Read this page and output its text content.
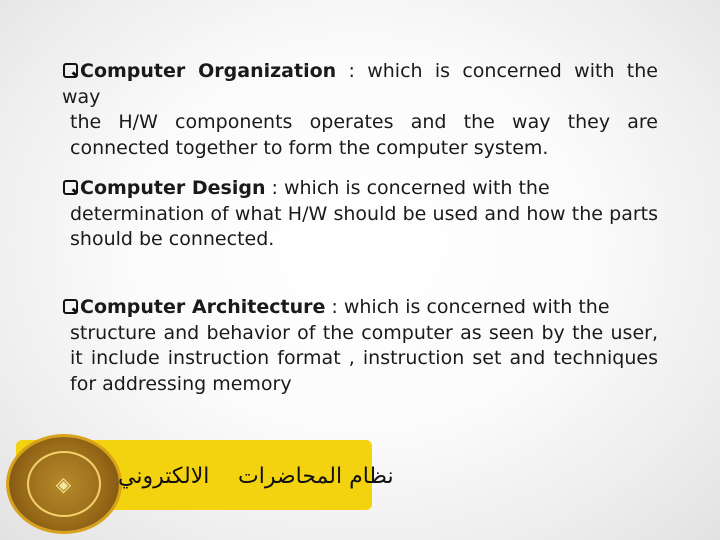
Computer Organization : which is concerned with the way
the H/W components operates and the way they are connected together to form the computer system.
Computer Design : which is concerned with the
determination of what H/W should be used and how the parts should be connected.
Computer Architecture : which is concerned with the
structure and behavior of the computer as seen by the user, it include instruction format , instruction set and techniques for addressing memory
◈ الالكتروني نظام المحاضرات
